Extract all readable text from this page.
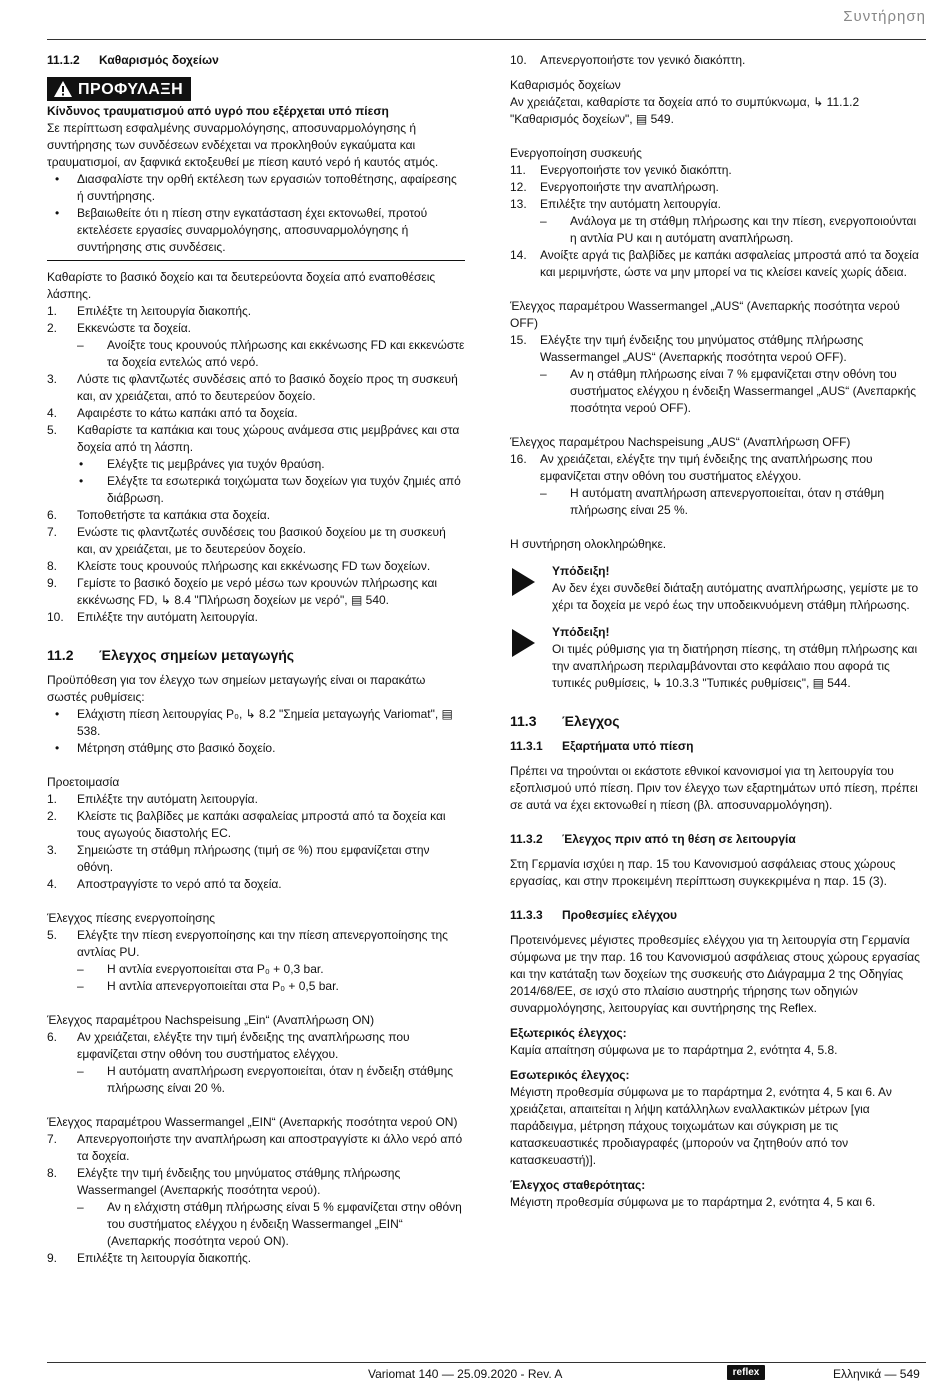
Συντήρηση
11.1.2	Καθαρισμός δοχείων
ΠΡΟΦΥΛΑΞΗ

Κίνδυνος τραυματισμού από υγρό που εξέρχεται υπό πίεση

Σε περίπτωση εσφαλμένης συναρμολόγησης, αποσυναρμολόγησης ή συντήρησης των συνδέσεων ενδέχεται να προκληθούν εγκαύματα και τραυματισμοί, αν ξαφνικά εκτοξευθεί με πίεση καυτό νερό ή καυτός ατμός.

•	Διασφαλίστε την ορθή εκτέλεση των εργασιών τοποθέτησης, αφαίρεσης ή συντήρησης.
•	Βεβαιωθείτε ότι η πίεση στην εγκατάσταση έχει εκτονωθεί, προτού εκτελέσετε εργασίες συναρμολόγησης, αποσυναρμολόγησης ή συντήρησης στις συνδέσεις.

Καθαρίστε το βασικό δοχείο και τα δευτερεύοντα δοχεία από εναποθέσεις λάσπης.

1.	Επιλέξτε τη λειτουργία διακοπής.
2.	Εκκενώστε τα δοχεία.
–	Ανοίξτε τους κρουνούς πλήρωσης και εκκένωσης FD και εκκενώστε τα δοχεία εντελώς από νερό.
3.	Λύστε τις φλαντζωτές συνδέσεις από το βασικό δοχείο προς τη συσκευή και, αν χρειάζεται, από το δευτερεύον δοχείο.
4.	Αφαιρέστε το κάτω καπάκι από τα δοχεία.
5.	Καθαρίστε τα καπάκια και τους χώρους ανάμεσα στις μεμβράνες και στα δοχεία από τη λάσπη.
•	Ελέγξτε τις μεμβράνες για τυχόν θραύση.
•	Ελέγξτε τα εσωτερικά τοιχώματα των δοχείων για τυχόν ζημιές από διάβρωση.
6.	Τοποθετήστε τα καπάκια στα δοχεία.
7.	Ενώστε τις φλαντζωτές συνδέσεις του βασικού δοχείου με τη συσκευή και, αν χρειάζεται, με το δευτερεύον δοχείο.
8.	Κλείστε τους κρουνούς πλήρωσης και εκκένωσης FD των δοχείων.
9.	Γεμίστε το βασικό δοχείο με νερό μέσω των κρουνών πλήρωσης και εκκένωσης FD, ↳ 8.4 "Πλήρωση δοχείων με νερό", ▤ 540.
10.	Επιλέξτε την αυτόματη λειτουργία.
11.2	Έλεγχος σημείων μεταγωγής

Προϋπόθεση για τον έλεγχο των σημείων μεταγωγής είναι οι παρακάτω σωστές ρυθμίσεις:

•	Ελάχιστη πίεση λειτουργίας P₀, ↳ 8.2 "Σημεία μεταγωγής Variomat", ▤ 538.
•	Μέτρηση στάθμης στο βασικό δοχείο.

Προετοιμασία

1.	Επιλέξτε την αυτόματη λειτουργία.
2.	Κλείστε τις βαλβίδες με καπάκι ασφαλείας μπροστά από τα δοχεία και τους αγωγούς διαστολής EC.
3.	Σημειώστε τη στάθμη πλήρωσης (τιμή σε %) που εμφανίζεται στην οθόνη.
4.	Αποστραγγίστε το νερό από τα δοχεία.

Έλεγχος πίεσης ενεργοποίησης

5.	Ελέγξτε την πίεση ενεργοποίησης και την πίεση απενεργοποίησης της αντλίας PU.
–	Η αντλία ενεργοποιείται στα P₀ + 0,3 bar.
–	Η αντλία απενεργοποιείται στα P₀ + 0,5 bar.

Έλεγχος παραμέτρου Nachspeisung „Ein“ (Αναπλήρωση ON)

6.	Αν χρειάζεται, ελέγξτε την τιμή ένδειξης της αναπλήρωσης που εμφανίζεται στην οθόνη του συστήματος ελέγχου.
–	Η αυτόματη αναπλήρωση ενεργοποιείται, όταν η ένδειξη στάθμης πλήρωσης είναι 20 %.

Έλεγχος παραμέτρου Wassermangel „EIN“ (Ανεπαρκής ποσότητα νερού ON)

7.	Απενεργοποιήστε την αναπλήρωση και αποστραγγίστε κι άλλο νερό από τα δοχεία.
8.	Ελέγξτε την τιμή ένδειξης του μηνύματος στάθμης πλήρωσης Wassermangel (Ανεπαρκής ποσότητα νερού).
–	Αν η ελάχιστη στάθμη πλήρωσης είναι 5 % εμφανίζεται στην οθόνη του συστήματος ελέγχου η ένδειξη Wassermangel „EIN“ (Ανεπαρκής ποσότητα νερού ON).
9.	Επιλέξτε τη λειτουργία διακοπής.
10.	Απενεργοποιήστε τον γενικό διακόπτη.

Καθαρισμός δοχείων

Αν χρειάζεται, καθαρίστε τα δοχεία από το συμπύκνωμα, ↳ 11.1.2 "Καθαρισμός δοχείων", ▤ 549.

Ενεργοποίηση συσκευής

11.	Ενεργοποιήστε τον γενικό διακόπτη.
12.	Ενεργοποιήστε την αναπλήρωση.
13.	Επιλέξτε την αυτόματη λειτουργία.
–	Ανάλογα με τη στάθμη πλήρωσης και την πίεση, ενεργοποιούνται η αντλία PU και η αυτόματη αναπλήρωση.
14.	Ανοίξτε αργά τις βαλβίδες με καπάκι ασφαλείας μπροστά από τα δοχεία και μεριμνήστε, ώστε να μην μπορεί να τις κλείσει κανείς χωρίς άδεια.

Έλεγχος παραμέτρου Wassermangel „AUS“ (Ανεπαρκής ποσότητα νερού OFF)

15.	Ελέγξτε την τιμή ένδειξης του μηνύματος στάθμης πλήρωσης Wassermangel „AUS“ (Ανεπαρκής ποσότητα νερού OFF).
–	Αν η στάθμη πλήρωσης είναι 7 % εμφανίζεται στην οθόνη του συστήματος ελέγχου η ένδειξη Wassermangel „AUS“ (Ανεπαρκής ποσότητα νερού OFF).

Έλεγχος παραμέτρου Nachspeisung „AUS“ (Αναπλήρωση OFF)

16.	Αν χρειάζεται, ελέγξτε την τιμή ένδειξης της αναπλήρωσης που εμφανίζεται στην οθόνη του συστήματος ελέγχου.
–	Η αυτόματη αναπλήρωση απενεργοποιείται, όταν η στάθμη πλήρωσης είναι 25 %.

Η συντήρηση ολοκληρώθηκε.

Υπόδειξη!

Αν δεν έχει συνδεθεί διάταξη αυτόματης αναπλήρωσης, γεμίστε με το χέρι τα δοχεία με νερό έως την υποδεικνυόμενη στάθμη πλήρωσης.

Υπόδειξη!

Οι τιμές ρύθμισης για τη διατήρηση πίεσης, τη στάθμη πλήρωσης και την αναπλήρωση περιλαμβάνονται στο κεφάλαιο που αφορά τις τυπικές ρυθμίσεις, ↳ 10.3.3 "Τυπικές ρυθμίσεις", ▤ 544.

11.3	Έλεγχος
11.3.1	Εξαρτήματα υπό πίεση

Πρέπει να τηρούνται οι εκάστοτε εθνικοί κανονισμοί για τη λειτουργία του εξοπλισμού υπό πίεση. Πριν τον έλεγχο των εξαρτημάτων υπό πίεση, πρέπει σε αυτά να έχει εκτονωθεί η πίεση (βλ. αποσυναρμολόγηση).

11.3.2	Έλεγχος πριν από τη θέση σε λειτουργία

Στη Γερμανία ισχύει η παρ. 15 του Κανονισμού ασφάλειας στους χώρους εργασίας, και στην προκειμένη περίπτωση συγκεκριμένα η παρ. 15 (3).

11.3.3	Προθεσμίες ελέγχου

Προτεινόμενες μέγιστες προθεσμίες ελέγχου για τη λειτουργία στη Γερμανία σύμφωνα με την παρ. 16 του Κανονισμού ασφάλειας στους χώρους εργασίας και την κατάταξη των δοχείων της συσκευής στο Διάγραμμα 2 της Οδηγίας 2014/68/ΕΕ, σε ισχύ στο πλαίσιο αυστηρής τήρησης των οδηγιών συναρμολόγησης, λειτουργίας και συντήρησης της Reflex.

Εξωτερικός έλεγχος:

Καμία απαίτηση σύμφωνα με το παράρτημα 2, ενότητα 4, 5.8.

Εσωτερικός έλεγχος:

Μέγιστη προθεσμία σύμφωνα με το παράρτημα 2, ενότητα 4, 5 και 6. Αν χρειάζεται, απαιτείται η λήψη κατάλληλων εναλλακτικών μέτρων [για παράδειγμα, μέτρηση πάχους τοιχωμάτων και σύγκριση με τις κατασκευαστικές προδιαγραφές (μπορούν να ζητηθούν από τον κατασκευαστή)].

Έλεγχος σταθερότητας:

Μέγιστη προθεσμία σύμφωνα με το παράρτημα 2, ενότητα 4, 5 και 6.

Variomat 140 — 25.09.2020 - Rev. A	reflex	Ελληνικά — 549
